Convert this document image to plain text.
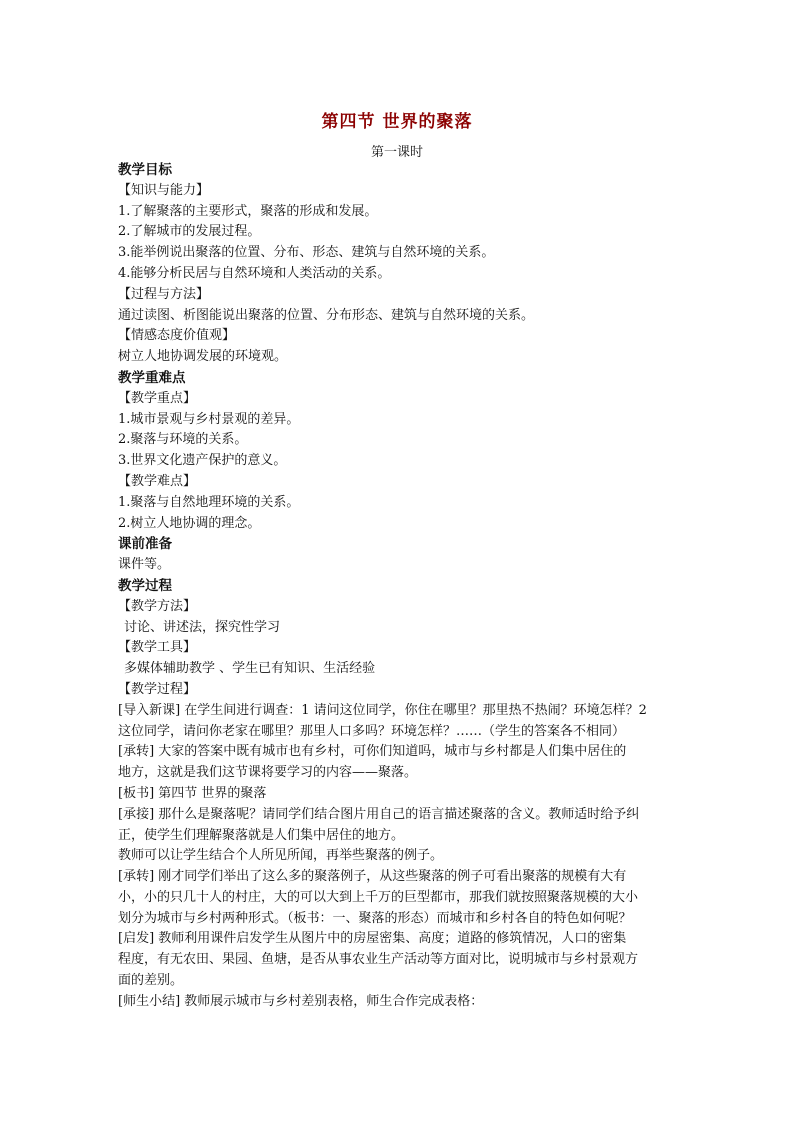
第四节 世界的聚落
第一课时
教学目标
【知识与能力】
1.了解聚落的主要形式，聚落的形成和发展。
2.了解城市的发展过程。
3.能举例说出聚落的位置、分布、形态、建筑与自然环境的关系。
4.能够分析民居与自然环境和人类活动的关系。
【过程与方法】
通过读图、析图能说出聚落的位置、分布形态、建筑与自然环境的关系。
【情感态度价值观】
树立人地协调发展的环境观。
教学重难点
【教学重点】
1.城市景观与乡村景观的差异。
2.聚落与环境的关系。
3.世界文化遗产保护的意义。
【教学难点】
1.聚落与自然地理环境的关系。
2.树立人地协调的理念。
课前准备
课件等。
教学过程
【教学方法】
讨论、讲述法，探究性学习
【教学工具】
多媒体辅助教学 、学生已有知识、生活经验
【教学过程】
[导入新课] 在学生间进行调查：1 请问这位同学，你住在哪里？那里热不热闹？环境怎样？2
这位同学，请问你老家在哪里？那里人口多吗？环境怎样？……（学生的答案各不相同）
[承转] 大家的答案中既有城市也有乡村，可你们知道吗，城市与乡村都是人们集中居住的
地方，这就是我们这节课将要学习的内容——聚落。
[板书] 第四节 世界的聚落
[承接] 那什么是聚落呢？请同学们结合图片用自己的语言描述聚落的含义。教师适时给予纠
正，使学生们理解聚落就是人们集中居住的地方。
教师可以让学生结合个人所见所闻，再举些聚落的例子。
[承转] 刚才同学们举出了这么多的聚落例子，从这些聚落的例子可看出聚落的规模有大有
小，小的只几十人的村庄，大的可以大到上千万的巨型都市，那我们就按照聚落规模的大小
划分为城市与乡村两种形式。（板书：一、聚落的形态）而城市和乡村各自的特色如何呢？
[启发] 教师利用课件启发学生从图片中的房屋密集、高度；道路的修筑情况，人口的密集
程度，有无农田、果园、鱼塘，是否从事农业生产活动等方面对比，说明城市与乡村景观方
面的差别。
[师生小结] 教师展示城市与乡村差别表格，师生合作完成表格：
